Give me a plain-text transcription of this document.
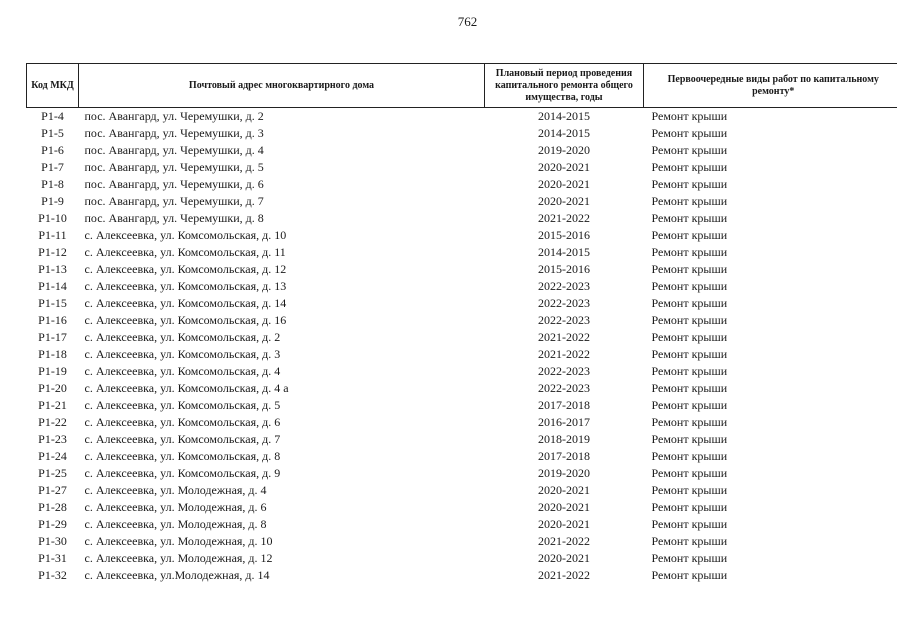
762
Код МКД	Почтовый адрес многоквартирного дома	Плановый период проведения капитального ремонта общего имущества, годы	Первоочередные виды работ по капитальному ремонту*

Р1-4	пос. Авангард, ул. Черемушки, д. 2	2014-2015	Ремонт крыши
Р1-5	пос. Авангард, ул. Черемушки, д. 3	2014-2015	Ремонт крыши
Р1-6	пос. Авангард, ул. Черемушки, д. 4	2019-2020	Ремонт крыши
Р1-7	пос. Авангард, ул. Черемушки, д. 5	2020-2021	Ремонт крыши
Р1-8	пос. Авангард, ул. Черемушки, д. 6	2020-2021	Ремонт крыши
Р1-9	пос. Авангард, ул. Черемушки, д. 7	2020-2021	Ремонт крыши
Р1-10	пос. Авангард, ул. Черемушки, д. 8	2021-2022	Ремонт крыши
Р1-11	с. Алексеевка, ул. Комсомольская, д. 10	2015-2016	Ремонт крыши
Р1-12	с. Алексеевка, ул. Комсомольская, д. 11	2014-2015	Ремонт крыши
Р1-13	с. Алексеевка, ул. Комсомольская, д. 12	2015-2016	Ремонт крыши
Р1-14	с. Алексеевка, ул. Комсомольская, д. 13	2022-2023	Ремонт крыши
Р1-15	с. Алексеевка, ул. Комсомольская, д. 14	2022-2023	Ремонт крыши
Р1-16	с. Алексеевка, ул. Комсомольская, д. 16	2022-2023	Ремонт крыши
Р1-17	с. Алексеевка, ул. Комсомольская, д. 2	2021-2022	Ремонт крыши
Р1-18	с. Алексеевка, ул. Комсомольская, д. 3	2021-2022	Ремонт крыши
Р1-19	с. Алексеевка, ул. Комсомольская, д. 4	2022-2023	Ремонт крыши
Р1-20	с. Алексеевка, ул. Комсомольская, д. 4 а	2022-2023	Ремонт крыши
Р1-21	с. Алексеевка, ул. Комсомольская, д. 5	2017-2018	Ремонт крыши
Р1-22	с. Алексеевка, ул. Комсомольская, д. 6	2016-2017	Ремонт крыши
Р1-23	с. Алексеевка, ул. Комсомольская, д. 7	2018-2019	Ремонт крыши
Р1-24	с. Алексеевка, ул. Комсомольская, д. 8	2017-2018	Ремонт крыши
Р1-25	с. Алексеевка, ул. Комсомольская, д. 9	2019-2020	Ремонт крыши
Р1-27	с. Алексеевка, ул. Молодежная, д. 4	2020-2021	Ремонт крыши
Р1-28	с. Алексеевка, ул. Молодежная, д. 6	2020-2021	Ремонт крыши
Р1-29	с. Алексеевка, ул. Молодежная, д. 8	2020-2021	Ремонт крыши
Р1-30	с. Алексеевка, ул. Молодежная, д. 10	2021-2022	Ремонт крыши
Р1-31	с. Алексеевка, ул. Молодежная, д. 12	2020-2021	Ремонт крыши
Р1-32	с. Алексеевка, ул.Молодежная, д. 14	2021-2022	Ремонт крыши
